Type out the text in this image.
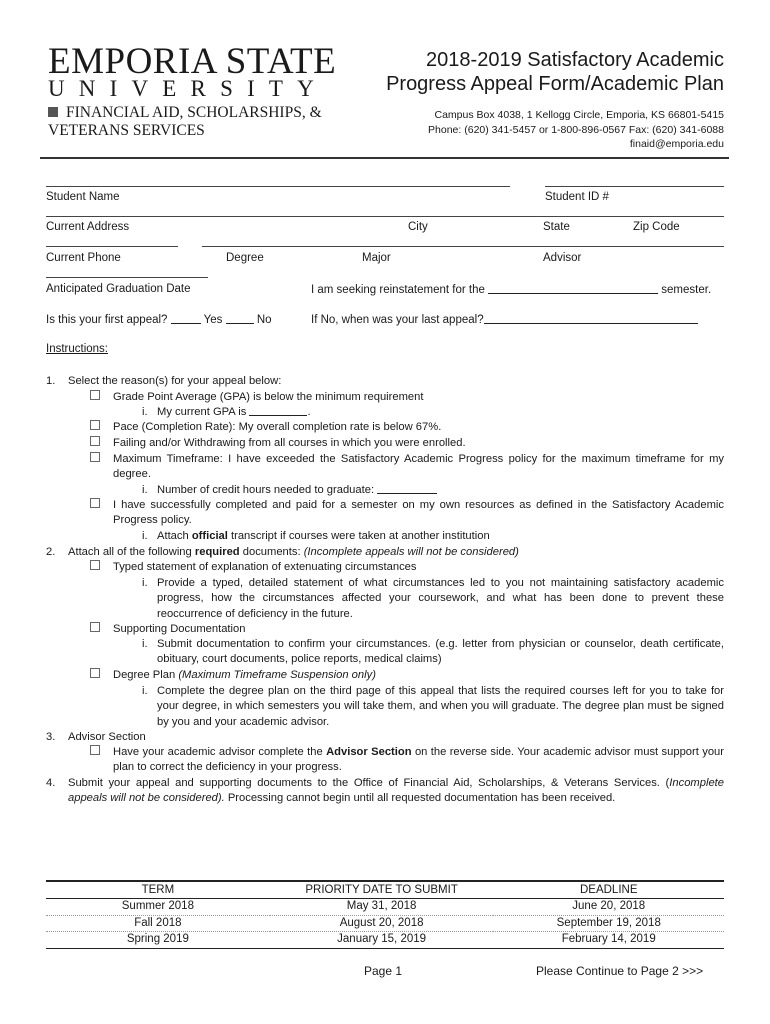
EMPORIA STATE
UNIVERSITY
FINANCIAL AID, SCHOLARSHIPS, &
VETERANS SERVICES
2018-2019 Satisfactory Academic
Progress Appeal Form/Academic Plan
Campus Box 4038, 1 Kellogg Circle, Emporia, KS 66801-5415
Phone: (620) 341-5457 or 1-800-896-0567 Fax: (620) 341-6088
finaid@emporia.edu
Student Name	Student ID #
Current Address	City	State	Zip Code
Current Phone	Degree	Major	Advisor
Anticipated Graduation Date	I am seeking reinstatement for the	semester.
Is this your first appeal?	Yes	No	If No, when was your last appeal?
Instructions:
1. Select the reason(s) for your appeal below:
Grade Point Average (GPA) is below the minimum requirement
i. My current GPA is	.
Pace (Completion Rate): My overall completion rate is below 67%.
Failing and/or Withdrawing from all courses in which you were enrolled.
Maximum Timeframe: I have exceeded the Satisfactory Academic Progress policy for the maximum timeframe for my degree.
i. Number of credit hours needed to graduate:
I have successfully completed and paid for a semester on my own resources as defined in the Satisfactory Academic Progress policy.
i. Attach official transcript if courses were taken at another institution
2. Attach all of the following required documents: (Incomplete appeals will not be considered)
Typed statement of explanation of extenuating circumstances
i. Provide a typed, detailed statement of what circumstances led to you not maintaining satisfactory academic progress, how the circumstances affected your coursework, and what has been done to prevent these reoccurrence of deficiency in the future.
Supporting Documentation
i. Submit documentation to confirm your circumstances. (e.g. letter from physician or counselor, death certificate, obituary, court documents, police reports, medical claims)
Degree Plan (Maximum Timeframe Suspension only)
i. Complete the degree plan on the third page of this appeal that lists the required courses left for you to take for your degree, in which semesters you will take them, and when you will graduate. The degree plan must be signed by you and your academic advisor.
3. Advisor Section
Have your academic advisor complete the Advisor Section on the reverse side. Your academic advisor must support your plan to correct the deficiency in your progress.
4. Submit your appeal and supporting documents to the Office of Financial Aid, Scholarships, & Veterans Services. (Incomplete appeals will not be considered). Processing cannot begin until all requested documentation has been received.
TERM	PRIORITY DATE TO SUBMIT	DEADLINE
Summer 2018	May 31, 2018	June 20, 2018
Fall 2018	August 20, 2018	September 19, 2018
Spring 2019	January 15, 2019	February 14, 2019
Page 1	Please Continue to Page 2 >>>
